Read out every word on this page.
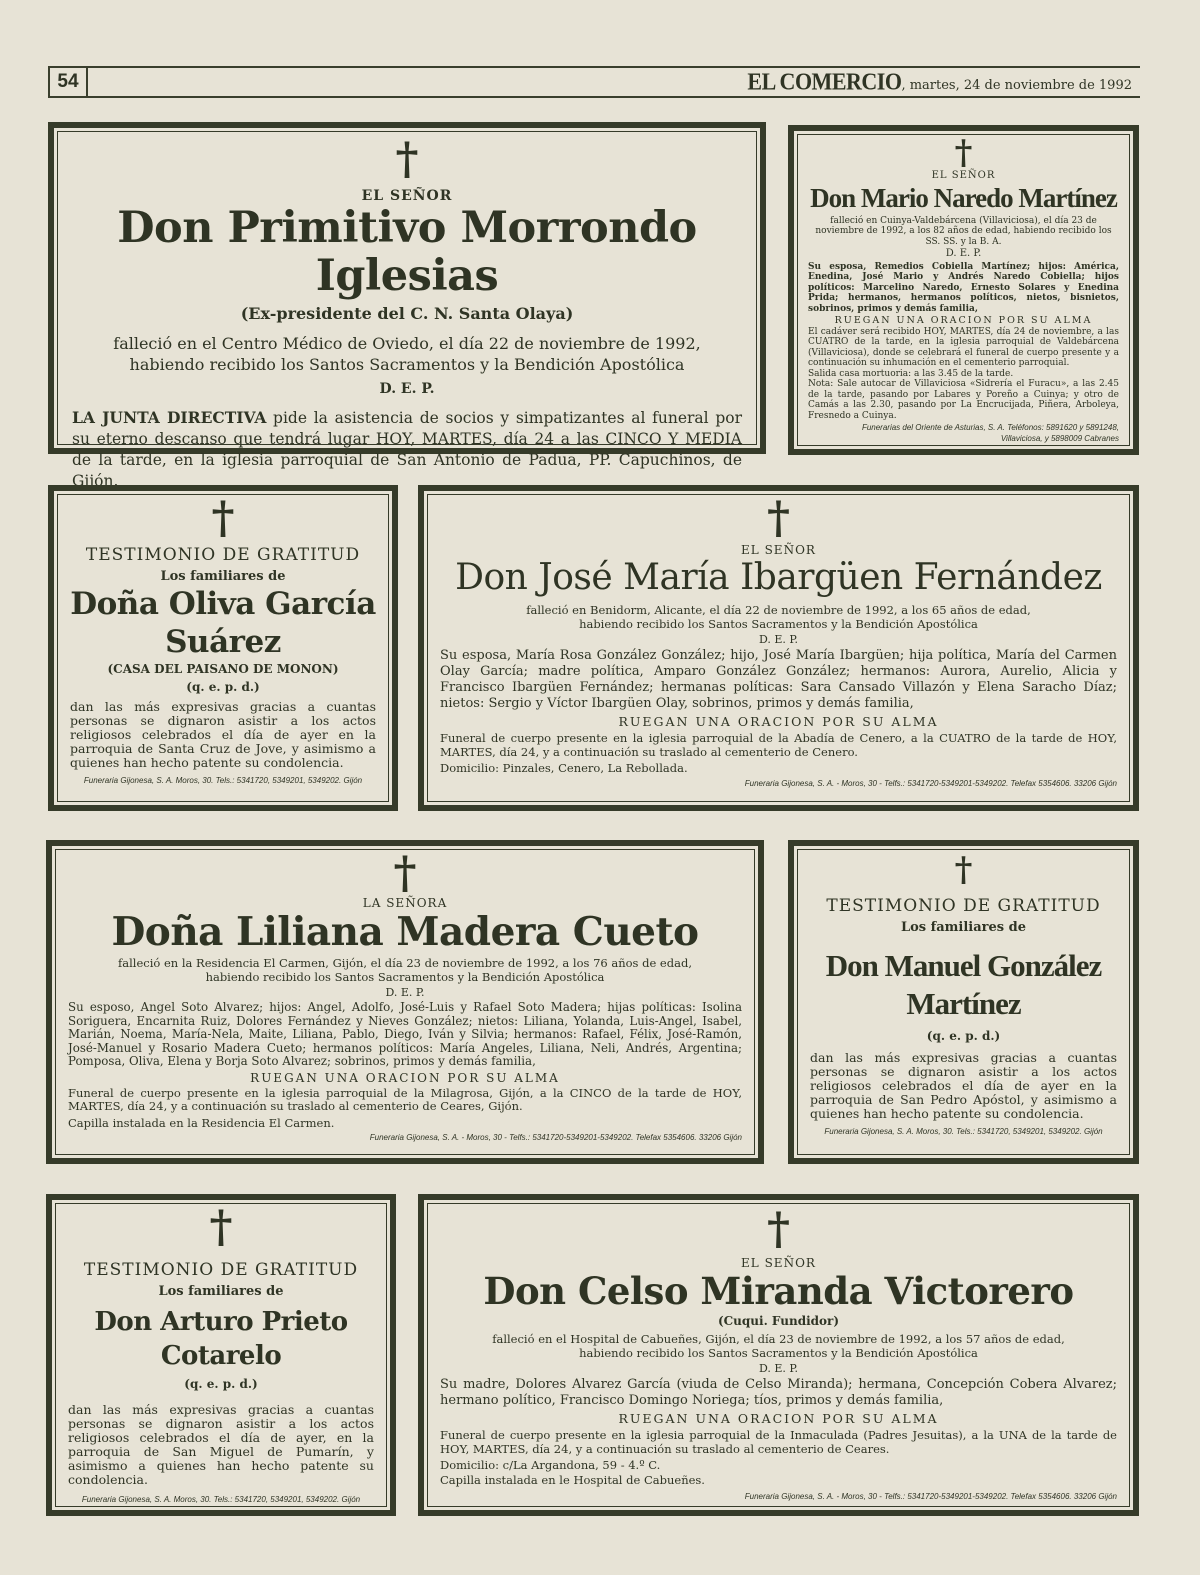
54	EL COMERCIO, martes, 24 de noviembre de 1992
†
EL SEÑOR
Don Primitivo Morrondo Iglesias
(Ex-presidente del C. N. Santa Olaya)
falleció en el Centro Médico de Oviedo, el día 22 de noviembre de 1992,
habiendo recibido los Santos Sacramentos y la Bendición Apostólica
D. E. P.
LA JUNTA DIRECTIVA pide la asistencia de socios y simpatizantes al funeral por su eterno descanso que tendrá lugar HOY, MARTES, día 24 a las CINCO Y MEDIA de la tarde, en la iglesia parroquial de San Antonio de Padua, PP. Capuchinos, de Gijón.
†
EL SEÑOR
Don Mario Naredo Martínez
falleció en Cuinya-Valdebárcena (Villaviciosa), el día 23 de noviembre de 1992, a los 82 años de edad, habiendo recibido los SS. SS. y la B. A.
D. E. P.
Su esposa, Remedios Cobiella Martínez; hijos: América, Enedina, José Mario y Andrés Naredo Cobiella; hijos políticos: Marcelino Naredo, Ernesto Solares y Enedina Prida; hermanos, hermanos políticos, nietos, bisnietos, sobrinos, primos y demás familia,
RUEGAN UNA ORACION POR SU ALMA
El cadáver será recibido HOY, MARTES, día 24 de noviembre, a las CUATRO de la tarde, en la iglesia parroquial de Valdebárcena (Villaviciosa), donde se celebrará el funeral de cuerpo presente y a continuación su inhumación en el cementerio parroquial.
Salida casa mortuoria: a las 3.45 de la tarde.
Nota: Sale autocar de Villaviciosa «Sidrería el Furacu», a las 2.45 de la tarde, pasando por Labares y Poreño a Cuinya; y otro de Camás a las 2.30, pasando por La Encrucijada, Piñera, Arboleya, Fresnedo a Cuinya.
Funerarias del Oriente de Asturias, S. A. Teléfonos: 5891620 y 5891248,
Villaviciosa, y 5898009 Cabranes
†
TESTIMONIO DE GRATITUD
Los familiares de
Doña Oliva García
Suárez
(CASA DEL PAISANO DE MONON)
(q. e. p. d.)
dan las más expresivas gracias a cuantas personas se dignaron asistir a los actos religiosos celebrados el día de ayer en la parroquia de Santa Cruz de Jove, y asimismo a quienes han hecho patente su condolencia.
Funeraria Gijonesa, S. A. Moros, 30. Tels.: 5341720, 5349201, 5349202. Gijón
†
EL SEÑOR
Don José María Ibargüen Fernández
falleció en Benidorm, Alicante, el día 22 de noviembre de 1992, a los 65 años de edad,
habiendo recibido los Santos Sacramentos y la Bendición Apostólica
D. E. P.
Su esposa, María Rosa González González; hijo, José María Ibargüen; hija política, María del Carmen Olay García; madre política, Amparo González González; hermanos: Aurora, Aurelio, Alicia y Francisco Ibargüen Fernández; hermanas políticas: Sara Cansado Villazón y Elena Saracho Díaz; nietos: Sergio y Víctor Ibargüen Olay, sobrinos, primos y demás familia,
RUEGAN UNA ORACION POR SU ALMA
Funeral de cuerpo presente en la iglesia parroquial de la Abadía de Cenero, a la CUATRO de la tarde de HOY, MARTES, día 24, y a continuación su traslado al cementerio de Cenero.
Domicilio: Pinzales, Cenero, La Rebollada.
Funeraria Gijonesa, S. A. - Moros, 30 - Telfs.: 5341720-5349201-5349202. Telefax 5354606. 33206 Gijón
†
LA SEÑORA
Doña Liliana Madera Cueto
falleció en la Residencia El Carmen, Gijón, el día 23 de noviembre de 1992, a los 76 años de edad,
habiendo recibido los Santos Sacramentos y la Bendición Apostólica
D. E. P.
Su esposo, Angel Soto Alvarez; hijos: Angel, Adolfo, José-Luis y Rafael Soto Madera; hijas políticas: Isolina Soriguera, Encarnita Ruiz, Dolores Fernández y Nieves González; nietos: Liliana, Yolanda, Luis-Angel, Isabel, Marián, Noema, María-Nela, Maite, Liliana, Pablo, Diego, Iván y Silvia; hermanos: Rafael, Félix, José-Ramón, José-Manuel y Rosario Madera Cueto; hermanos políticos: María Angeles, Liliana, Neli, Andrés, Argentina; Pomposa, Oliva, Elena y Borja Soto Alvarez; sobrinos, primos y demás familia,
RUEGAN UNA ORACION POR SU ALMA
Funeral de cuerpo presente en la iglesia parroquial de la Milagrosa, Gijón, a la CINCO de la tarde de HOY, MARTES, día 24, y a continuación su traslado al cementerio de Ceares, Gijón.
Capilla instalada en la Residencia El Carmen.
Funeraria Gijonesa, S. A. - Moros, 30 - Telfs.: 5341720-5349201-5349202. Telefax 5354606. 33206 Gijón
†
TESTIMONIO DE GRATITUD
Los familiares de
Don Manuel González
Martínez
(q. e. p. d.)
dan las más expresivas gracias a cuantas personas se dignaron asistir a los actos religiosos celebrados el día de ayer en la parroquia de San Pedro Apóstol, y asimismo a quienes han hecho patente su condolencia.
Funeraria Gijonesa, S. A. Moros, 30. Tels.: 5341720, 5349201, 5349202. Gijón
†
TESTIMONIO DE GRATITUD
Los familiares de
Don Arturo Prieto
Cotarelo
(q. e. p. d.)
dan las más expresivas gracias a cuantas personas se dignaron asistir a los actos religiosos celebrados el día de ayer, en la parroquia de San Miguel de Pumarín, y asimismo a quienes han hecho patente su condolencia.
Funeraria Gijonesa, S. A. Moros, 30. Tels.: 5341720, 5349201, 5349202. Gijón
†
EL SEÑOR
Don Celso Miranda Victorero
(Cuqui. Fundidor)
falleció en el Hospital de Cabueñes, Gijón, el día 23 de noviembre de 1992, a los 57 años de edad,
habiendo recibido los Santos Sacramentos y la Bendición Apostólica
D. E. P.
Su madre, Dolores Alvarez García (viuda de Celso Miranda); hermana, Concepción Cobera Alvarez; hermano político, Francisco Domingo Noriega; tíos, primos y demás familia,
RUEGAN UNA ORACION POR SU ALMA
Funeral de cuerpo presente en la iglesia parroquial de la Inmaculada (Padres Jesuitas), a la UNA de la tarde de HOY, MARTES, día 24, y a continuación su traslado al cementerio de Ceares.
Domicilio: c/La Argandona, 59 - 4.º C.
Capilla instalada en le Hospital de Cabueñes.
Funeraria Gijonesa, S. A. - Moros, 30 - Telfs.: 5341720-5349201-5349202. Telefax 5354606. 33206 Gijón
